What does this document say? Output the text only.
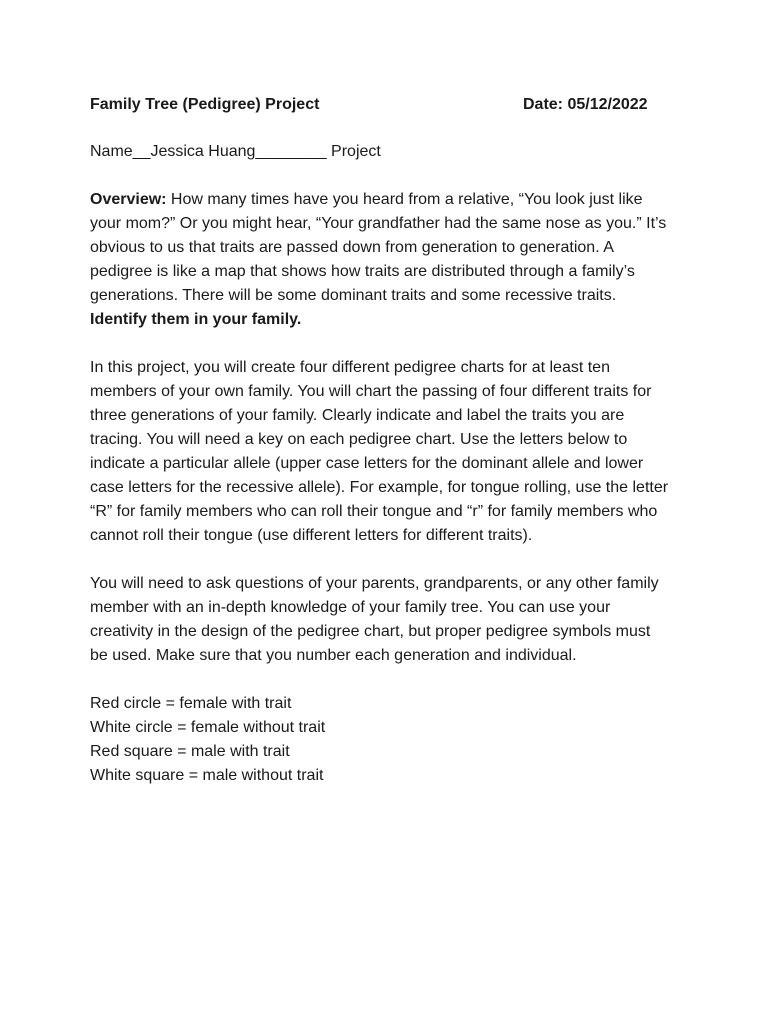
Family Tree (Pedigree) Project	Date: 05/12/2022
Name__Jessica Huang________ Project

Overview: How many times have you heard from a relative, “You look just like your mom?” Or you might hear, “Your grandfather had the same nose as you.” It’s obvious to us that traits are passed down from generation to generation. A pedigree is like a map that shows how traits are distributed through a family’s generations. There will be some dominant traits and some recessive traits. Identify them in your family.

In this project, you will create four different pedigree charts for at least ten members of your own family. You will chart the passing of four different traits for three generations of your family. Clearly indicate and label the traits you are tracing. You will need a key on each pedigree chart. Use the letters below to indicate a particular allele (upper case letters for the dominant allele and lower case letters for the recessive allele). For example, for tongue rolling, use the letter “R” for family members who can roll their tongue and “r” for family members who cannot roll their tongue (use different letters for different traits).

You will need to ask questions of your parents, grandparents, or any other family member with an in-depth knowledge of your family tree. You can use your creativity in the design of the pedigree chart, but proper pedigree symbols must be used. Make sure that you number each generation and individual.

Red circle = female with trait
White circle = female without trait
Red square = male with trait
White square = male without trait
